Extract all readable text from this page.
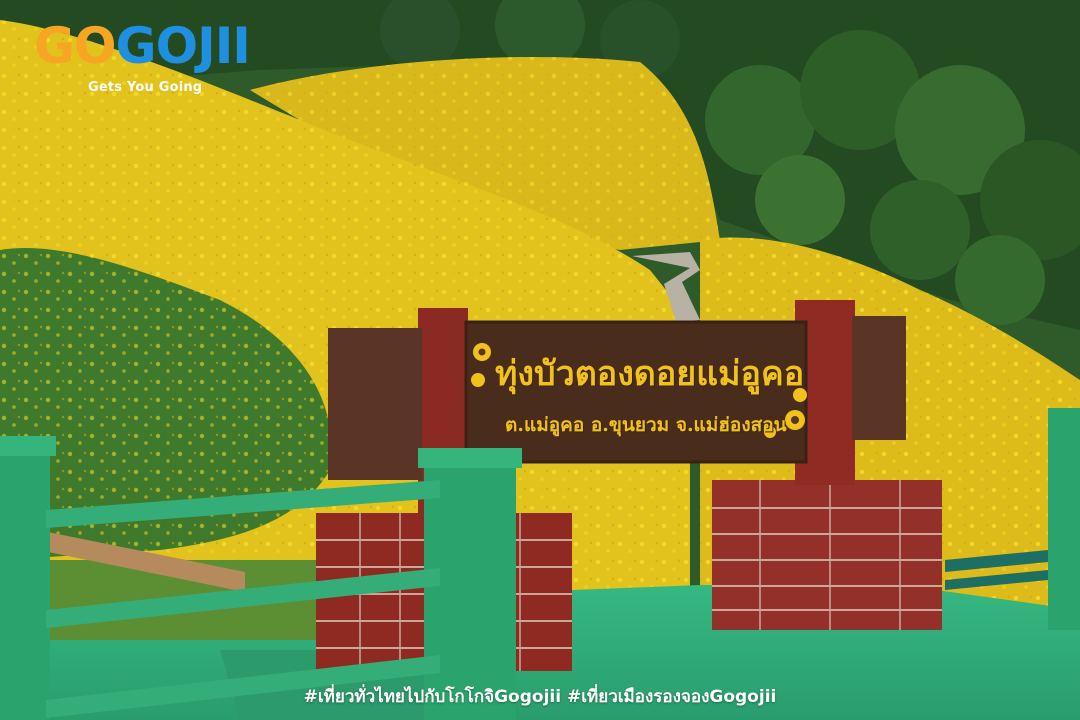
GOGOJII
Gets You Going
ทุ่งบัวตองดอยแม่อูคอ
ต.แม่อูคอ อ.ขุนยวม จ.แม่ฮ่องสอน
#เที่ยวทั่วไทยไปกับโกโกจิGogojii #เที่ยวเมืองรองจองGogojii
